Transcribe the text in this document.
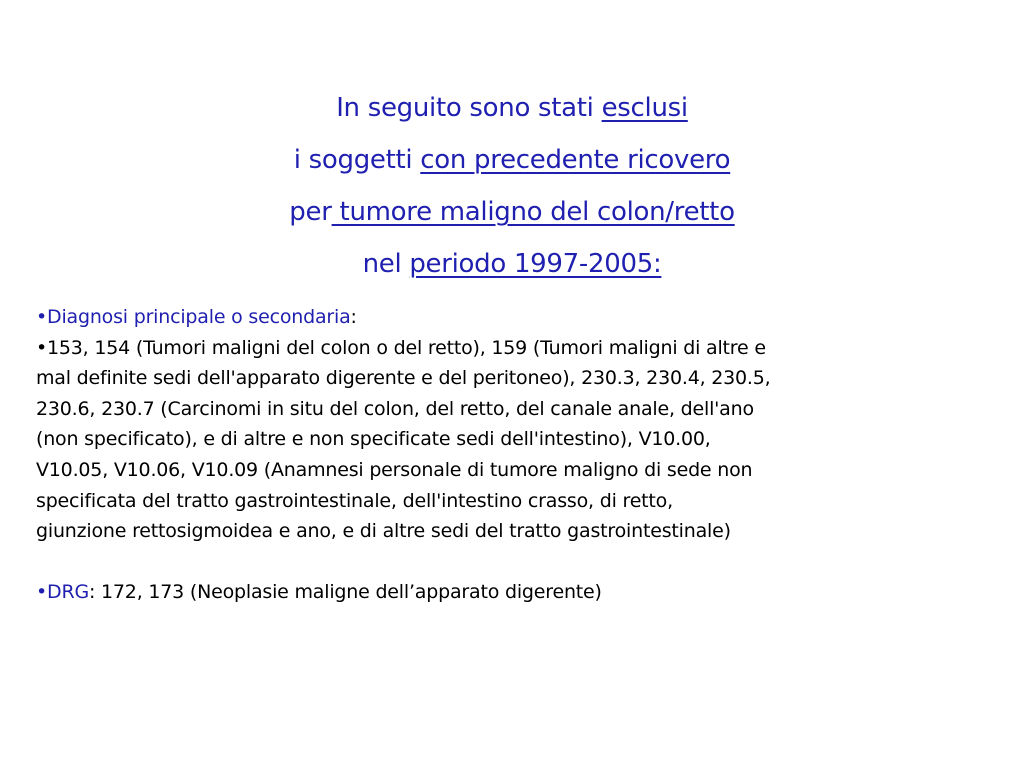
In seguito sono stati esclusi
i soggetti con precedente ricovero
per tumore maligno del colon/retto
nel periodo 1997-2005:

•Diagnosi principale o secondaria:
•153, 154 (Tumori maligni del colon o del retto), 159 (Tumori maligni di altre e
mal definite sedi dell'apparato digerente e del peritoneo), 230.3, 230.4, 230.5,
230.6, 230.7 (Carcinomi in situ del colon, del retto, del canale anale, dell'ano
(non specificato), e di altre e non specificate sedi dell'intestino), V10.00,
V10.05, V10.06, V10.09 (Anamnesi personale di tumore maligno di sede non
specificata del tratto gastrointestinale, dell'intestino crasso, di retto,
giunzione rettosigmoidea e ano, e di altre sedi del tratto gastrointestinale)

•DRG: 172, 173 (Neoplasie maligne dell’apparato digerente)
